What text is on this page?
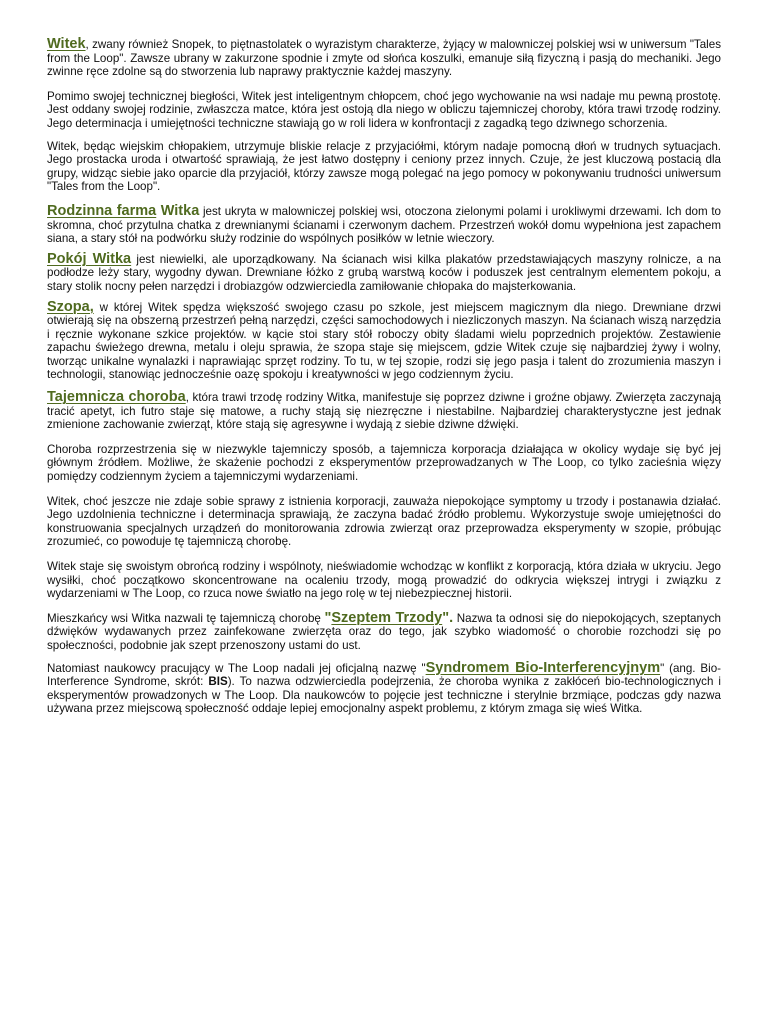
Witek, zwany również Snopek, to piętnastolatek o wyrazistym charakterze, żyjący w malowniczej polskiej wsi w uniwersum "Tales from the Loop". Zawsze ubrany w zakurzone spodnie i zmyte od słońca koszulki, emanuje siłą fizyczną i pasją do mechaniki. Jego zwinne ręce zdolne są do stworzenia lub naprawy praktycznie każdej maszyny.

Pomimo swojej technicznej biegłości, Witek jest inteligentnym chłopcem, choć jego wychowanie na wsi nadaje mu pewną prostotę. Jest oddany swojej rodzinie, zwłaszcza matce, która jest ostoją dla niego w obliczu tajemniczej choroby, która trawi trzodę rodziny. Jego determinacja i umiejętności techniczne stawiają go w roli lidera w konfrontacji z zagadką tego dziwnego schorzenia.

Witek, będąc wiejskim chłopakiem, utrzymuje bliskie relacje z przyjaciółmi, którym nadaje pomocną dłoń w trudnych sytuacjach. Jego prostacka uroda i otwartość sprawiają, że jest łatwo dostępny i ceniony przez innych. Czuje, że jest kluczową postacią dla grupy, widząc siebie jako oparcie dla przyjaciół, którzy zawsze mogą polegać na jego pomocy w pokonywaniu trudności uniwersum "Tales from the Loop".

Rodzinna farma Witka jest ukryta w malowniczej polskiej wsi, otoczona zielonymi polami i urokliwymi drzewami. Ich dom to skromna, choć przytulna chatka z drewnianymi ścianami i czerwonym dachem. Przestrzeń wokół domu wypełniona jest zapachem siana, a stary stół na podwórku służy rodzinie do wspólnych posiłków w letnie wieczory.

Pokój Witka jest niewielki, ale uporządkowany. Na ścianach wisi kilka plakatów przedstawiających maszyny rolnicze, a na podłodze leży stary, wygodny dywan. Drewniane łóżko z grubą warstwą koców i poduszek jest centralnym elementem pokoju, a stary stolik nocny pełen narzędzi i drobiazgów odzwierciedla zamiłowanie chłopaka do majsterkowania.

Szopa, w której Witek spędza większość swojego czasu po szkole, jest miejscem magicznym dla niego. Drewniane drzwi otwierają się na obszerną przestrzeń pełną narzędzi, części samochodowych i niezliczonych maszyn. Na ścianach wiszą narzędzia i ręcznie wykonane szkice projektów. w kącie stoi stary stół roboczy obity śladami wielu poprzednich projektów. Zestawienie zapachu świeżego drewna, metalu i oleju sprawia, że szopa staje się miejscem, gdzie Witek czuje się najbardziej żywy i wolny, tworząc unikalne wynalazki i naprawiając sprzęt rodziny. To tu, w tej szopie, rodzi się jego pasja i talent do zrozumienia maszyn i technologii, stanowiąc jednocześnie oazę spokoju i kreatywności w jego codziennym życiu.

Tajemnicza choroba, która trawi trzodę rodziny Witka, manifestuje się poprzez dziwne i groźne objawy. Zwierzęta zaczynają tracić apetyt, ich futro staje się matowe, a ruchy stają się niezręczne i niestabilne. Najbardziej charakterystyczne jest jednak zmienione zachowanie zwierząt, które stają się agresywne i wydają z siebie dziwne dźwięki.

Choroba rozprzestrzenia się w niezwykle tajemniczy sposób, a tajemnicza korporacja działająca w okolicy wydaje się być jej głównym źródłem. Możliwe, że skażenie pochodzi z eksperymentów przeprowadzanych w The Loop, co tylko zacieśnia więzy pomiędzy codziennym życiem a tajemniczymi wydarzeniami.

Witek, choć jeszcze nie zdaje sobie sprawy z istnienia korporacji, zauważa niepokojące symptomy u trzody i postanawia działać. Jego uzdolnienia techniczne i determinacja sprawiają, że zaczyna badać źródło problemu. Wykorzystuje swoje umiejętności do konstruowania specjalnych urządzeń do monitorowania zdrowia zwierząt oraz przeprowadza eksperymenty w szopie, próbując zrozumieć, co powoduje tę tajemniczą chorobę.

Witek staje się swoistym obrońcą rodziny i wspólnoty, nieświadomie wchodząc w konflikt z korporacją, która działa w ukryciu. Jego wysiłki, choć początkowo skoncentrowane na ocaleniu trzody, mogą prowadzić do odkrycia większej intrygi i związku z wydarzeniami w The Loop, co rzuca nowe światło na jego rolę w tej niebezpiecznej historii.

Mieszkańcy wsi Witka nazwali tę tajemniczą chorobę "Szeptem Trzody". Nazwa ta odnosi się do niepokojących, szeptanych dźwięków wydawanych przez zainfekowane zwierzęta oraz do tego, jak szybko wiadomość o chorobie rozchodzi się po społeczności, podobnie jak szept przenoszony ustami do ust.

Natomiast naukowcy pracujący w The Loop nadali jej oficjalną nazwę "Syndromem Bio-Interferencyjnym" (ang. Bio-Interference Syndrome, skrót: BIS). To nazwa odzwierciedla podejrzenia, że choroba wynika z zakłóceń bio-technologicznych i eksperymentów prowadzonych w The Loop. Dla naukowców to pojęcie jest techniczne i sterylnie brzmiące, podczas gdy nazwa używana przez miejscową społeczność oddaje lepiej emocjonalny aspekt problemu, z którym zmaga się wieś Witka.
